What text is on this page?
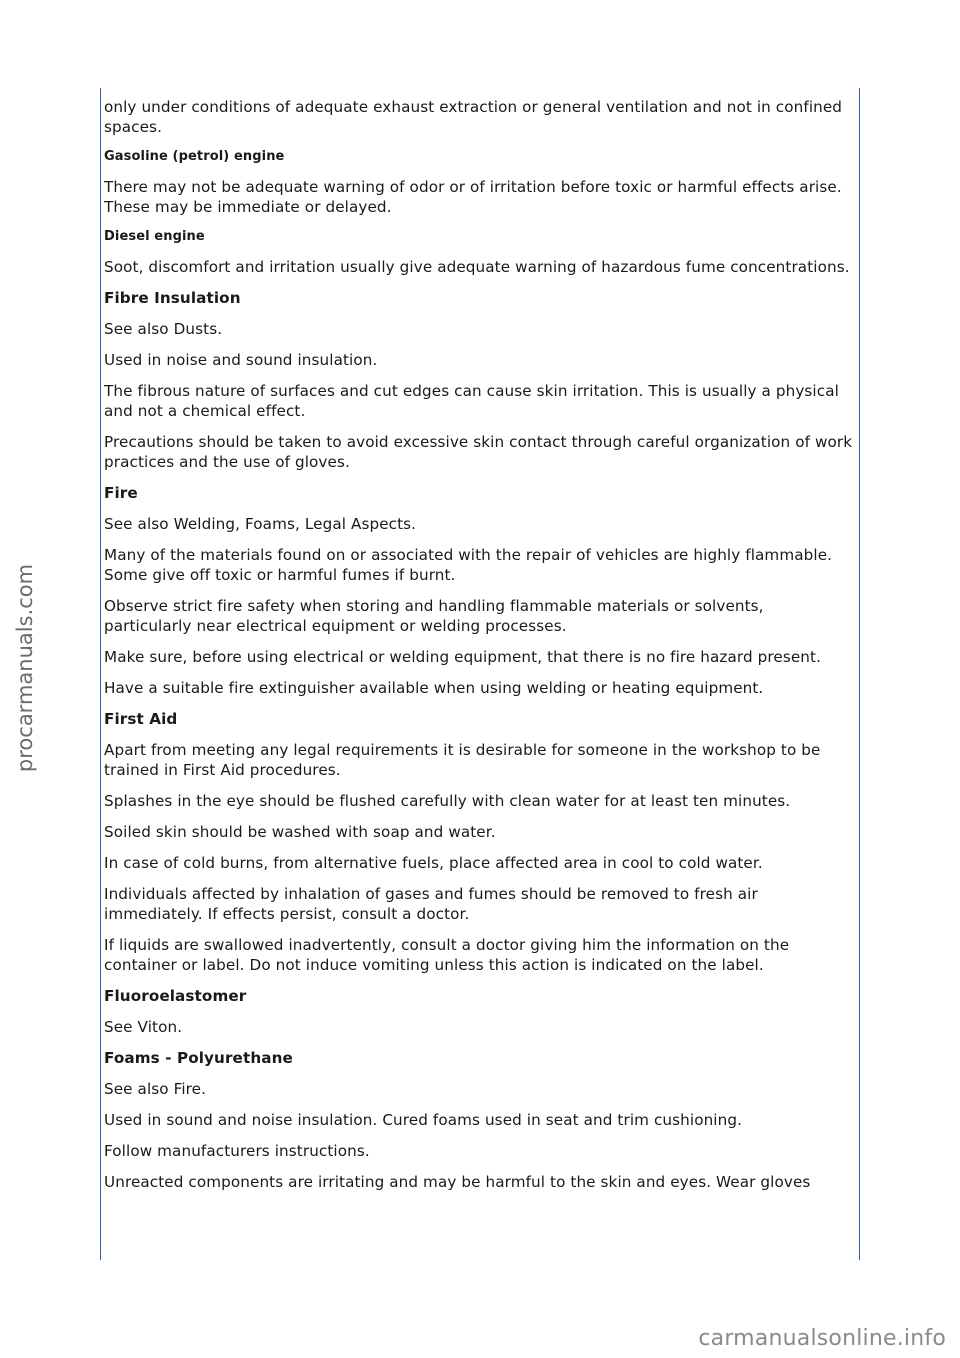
only under conditions of adequate exhaust extraction or general ventilation and not in confined spaces.

Gasoline (petrol) engine

There may not be adequate warning of odor or of irritation before toxic or harmful effects arise. These may be immediate or delayed.

Diesel engine

Soot, discomfort and irritation usually give adequate warning of hazardous fume concentrations.

Fibre Insulation

See also Dusts.

Used in noise and sound insulation.

The fibrous nature of surfaces and cut edges can cause skin irritation. This is usually a physical and not a chemical effect.

Precautions should be taken to avoid excessive skin contact through careful organization of work practices and the use of gloves.

Fire

See also Welding, Foams, Legal Aspects.

Many of the materials found on or associated with the repair of vehicles are highly flammable. Some give off toxic or harmful fumes if burnt.

Observe strict fire safety when storing and handling flammable materials or solvents, particularly near electrical equipment or welding processes.

Make sure, before using electrical or welding equipment, that there is no fire hazard present.

Have a suitable fire extinguisher available when using welding or heating equipment.

First Aid

Apart from meeting any legal requirements it is desirable for someone in the workshop to be trained in First Aid procedures.

Splashes in the eye should be flushed carefully with clean water for at least ten minutes.

Soiled skin should be washed with soap and water.

In case of cold burns, from alternative fuels, place affected area in cool to cold water.

Individuals affected by inhalation of gases and fumes should be removed to fresh air immediately. If effects persist, consult a doctor.

If liquids are swallowed inadvertently, consult a doctor giving him the information on the container or label. Do not induce vomiting unless this action is indicated on the label.

Fluoroelastomer

See Viton.

Foams - Polyurethane

See also Fire.

Used in sound and noise insulation. Cured foams used in seat and trim cushioning.

Follow manufacturers instructions.

Unreacted components are irritating and may be harmful to the skin and eyes. Wear gloves

procarmanuals.com
carmanualsonline.info
